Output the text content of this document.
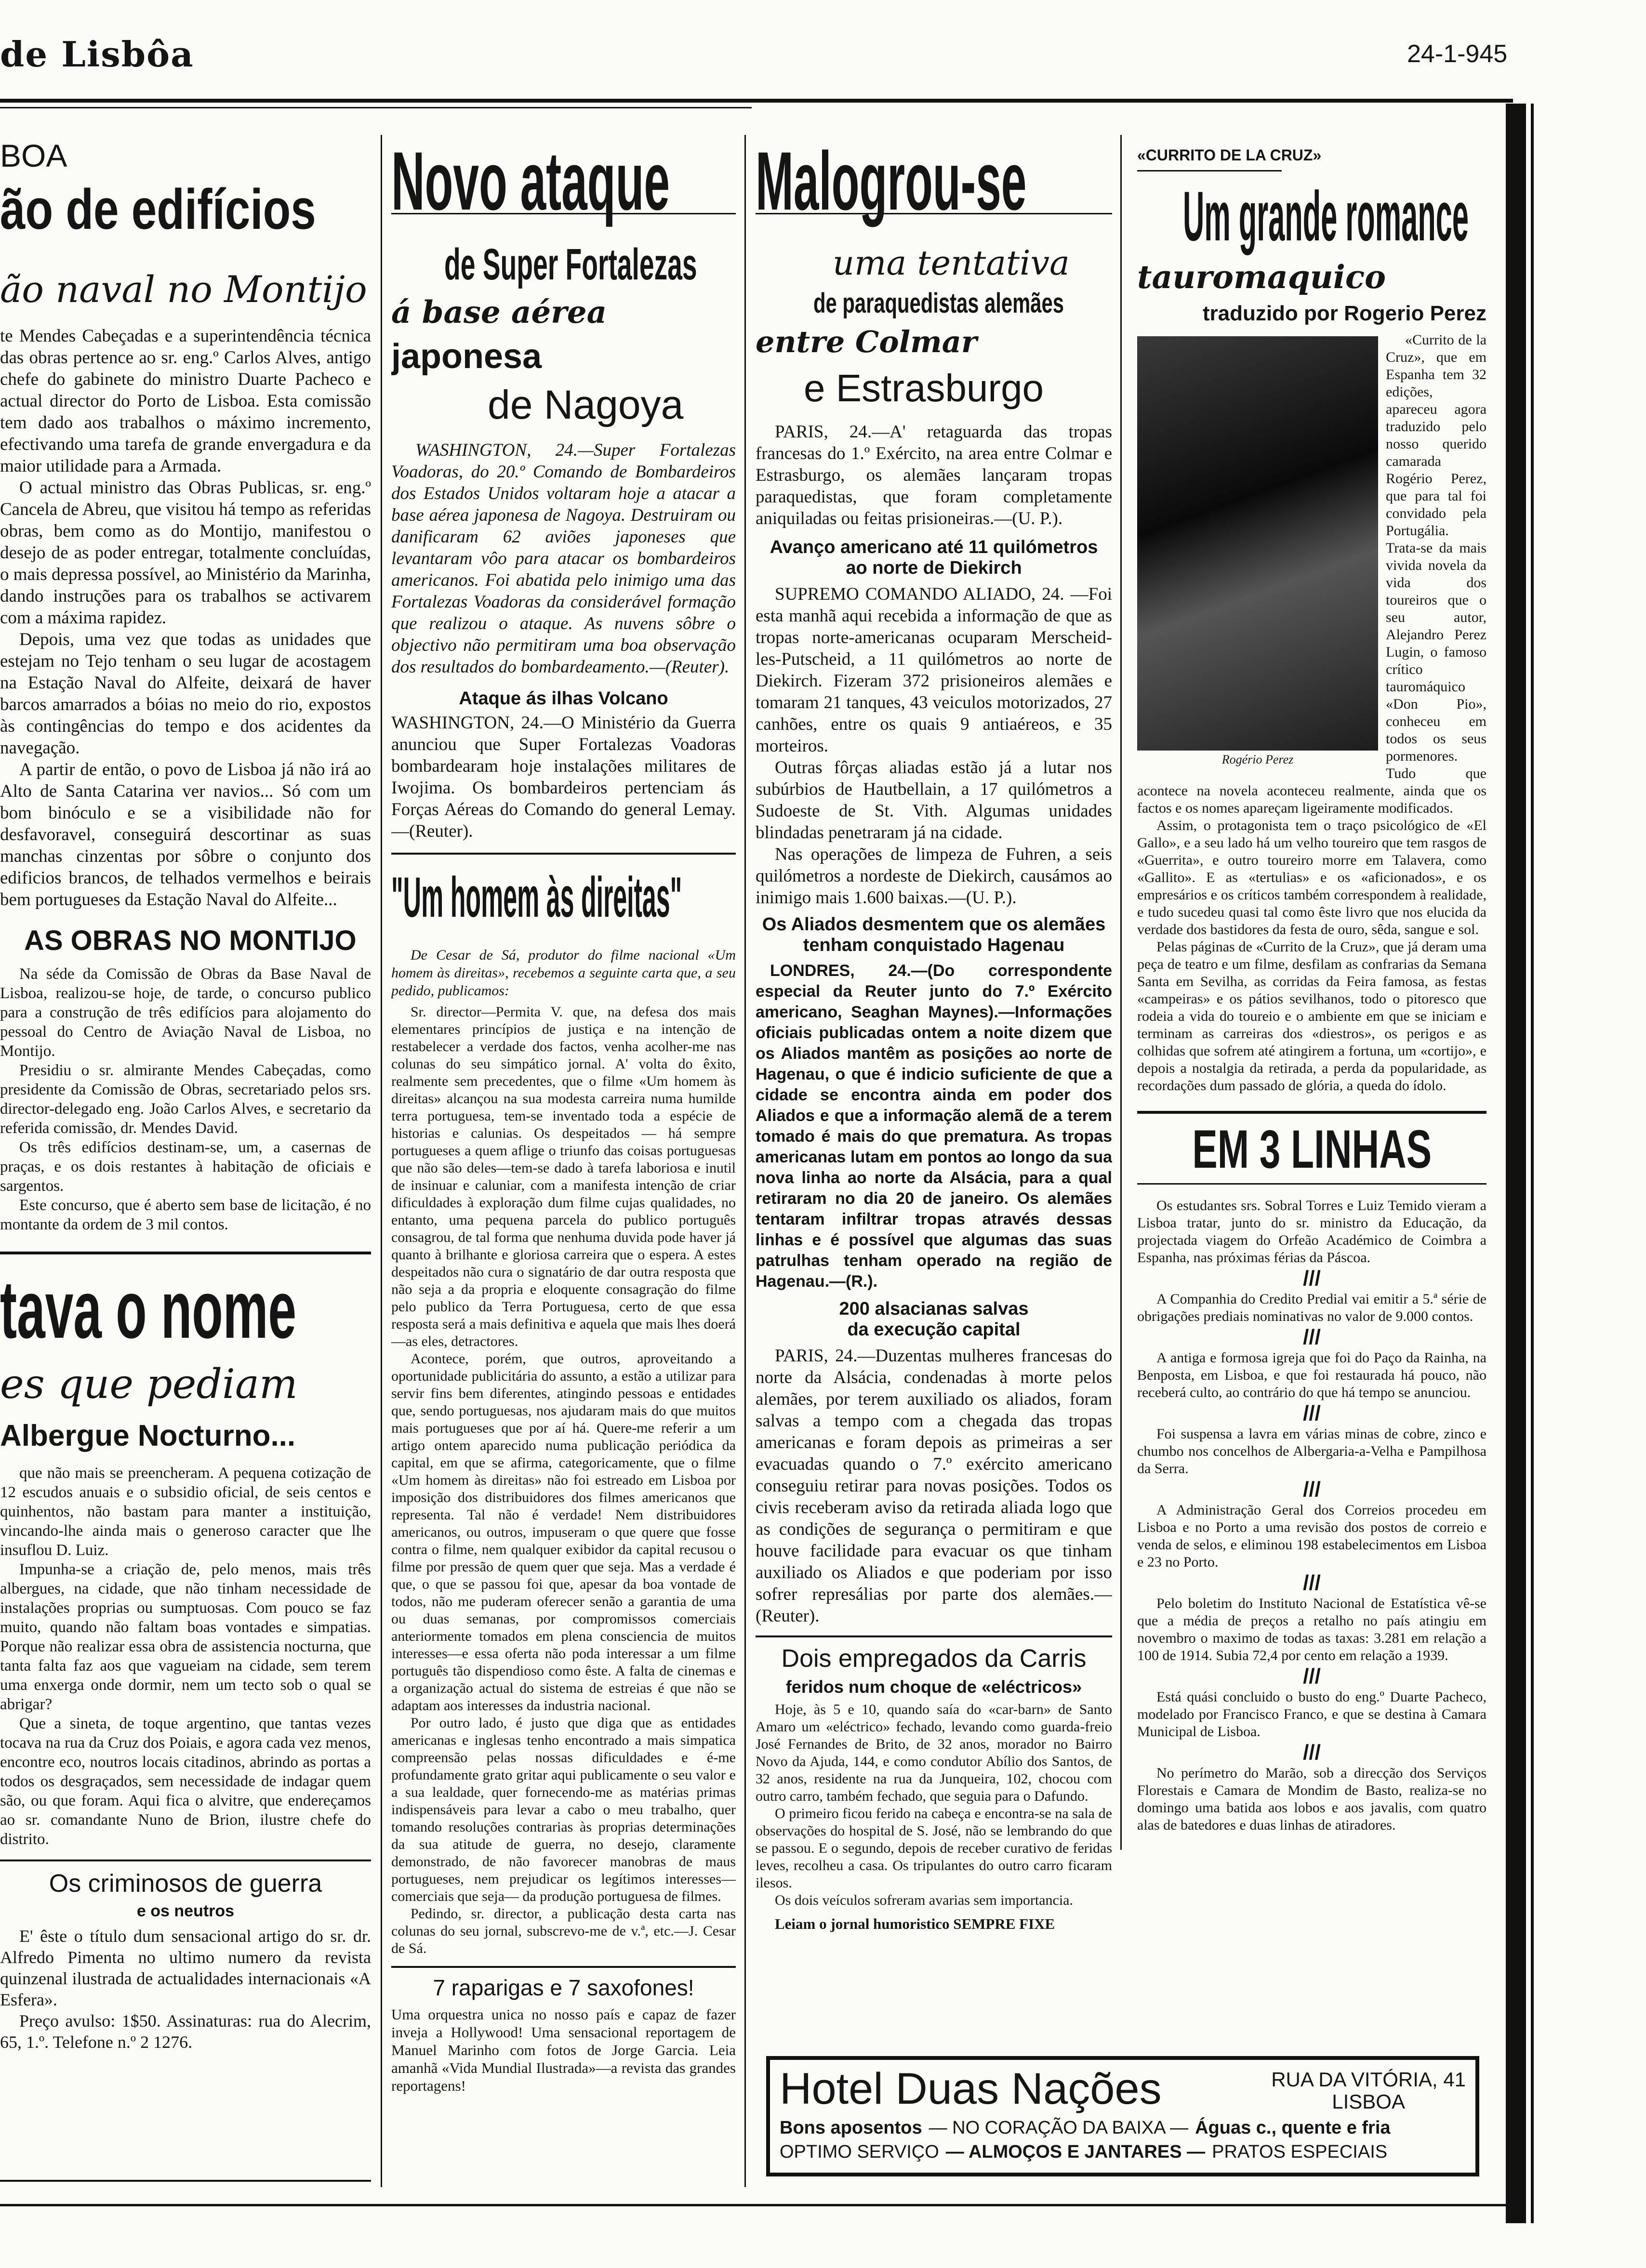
de Lisbôa	24-1-945
BOA
ão de edifícios
ão naval no Montijo

te Mendes Cabeçadas e a superintendência técnica das obras pertence ao sr. eng.º Carlos Alves, antigo chefe do gabinete do ministro Duarte Pacheco e actual director do Porto de Lisboa. Esta comissão tem dado aos trabalhos o máximo incremento, efectivando uma tarefa de grande envergadura e da maior utilidade para a Armada.

O actual ministro das Obras Publicas, sr. eng.º Cancela de Abreu, que visitou há tempo as referidas obras, bem como as do Montijo, manifestou o desejo de as poder entregar, totalmente concluídas, o mais depressa possível, ao Ministério da Marinha, dando instruções para os trabalhos se activarem com a máxima rapidez.

Depois, uma vez que todas as unidades que estejam no Tejo tenham o seu lugar de acostagem na Estação Naval do Alfeite, deixará de haver barcos amarrados a bóias no meio do rio, expostos às contingências do tempo e dos acidentes da navegação.

A partir de então, o povo de Lisboa já não irá ao Alto de Santa Catarina ver navios... Só com um bom binóculo e se a visibilidade não for desfavoravel, conseguirá descortinar as suas manchas cinzentas por sôbre o conjunto dos edificios brancos, de telhados vermelhos e beirais bem portugueses da Estação Naval do Alfeite...

AS OBRAS NO MONTIJO

Na séde da Comissão de Obras da Base Naval de Lisboa, realizou-se hoje, de tarde, o concurso publico para a construção de três edifícios para alojamento do pessoal do Centro de Aviação Naval de Lisboa, no Montijo.

Presidiu o sr. almirante Mendes Cabeçadas, como presidente da Comissão de Obras, secretariado pelos srs. director-delegado eng. João Carlos Alves, e secretario da referida comissão, dr. Mendes David.

Os três edifícios destinam-se, um, a casernas de praças, e os dois restantes à habitação de oficiais e sargentos.

Este concurso, que é aberto sem base de licitação, é no montante da ordem de 3 mil contos.

tava o nome
es que pediam
Albergue Nocturno...

que não mais se preencheram. A pequena cotização de 12 escudos anuais e o subsidio oficial, de seis centos e quinhentos, não bastam para manter a instituição, vincando-lhe ainda mais o generoso caracter que lhe insuflou D. Luiz.

Impunha-se a criação de, pelo menos, mais três albergues, na cidade, que não tinham necessidade de instalações proprias ou sumptuosas. Com pouco se faz muito, quando não faltam boas vontades e simpatias. Porque não realizar essa obra de assistencia nocturna, que tanta falta faz aos que vagueiam na cidade, sem terem uma enxerga onde dormir, nem um tecto sob o qual se abrigar?

Que a sineta, de toque argentino, que tantas vezes tocava na rua da Cruz dos Poiais, e agora cada vez menos, encontre eco, noutros locais citadinos, abrindo as portas a todos os desgraçados, sem necessidade de indagar quem são, ou que foram. Aqui fica o alvitre, que endereçamos ao sr. comandante Nuno de Brion, ilustre chefe do distrito.

Os criminosos de guerra
e os neutros

E' êste o título dum sensacional artigo do sr. dr. Alfredo Pimenta no ultimo numero da revista quinzenal ilustrada de actualidades internacionais «A Esfera».

Preço avulso: 1$50. Assinaturas: rua do Alecrim, 65, 1.º. Telefone n.º 2 1276.

Novo ataque
de Super Fortalezas
á base aérea
japonesa
de Nagoya
WASHINGTON, 24.—Super Fortalezas Voadoras, do 20.º Comando de Bombardeiros dos Estados Unidos voltaram hoje a atacar a base aérea japonesa de Nagoya. Destruiram ou danificaram 62 aviões japoneses que levantaram vôo para atacar os bombardeiros americanos. Foi abatida pelo inimigo uma das Fortalezas Voadoras da considerável formação que realizou o ataque. As nuvens sôbre o objectivo não permitiram uma boa observação dos resultados do bombardeamento.—(Reuter).
Ataque ás ilhas Volcano
WASHINGTON, 24.—O Ministério da Guerra anunciou que Super Fortalezas Voadoras bombardearam hoje instalações militares de Iwojima. Os bombardeiros pertenciam ás Forças Aéreas do Comando do general Lemay.—(Reuter).
"Um homem às direitas"
De Cesar de Sá, produtor do filme nacional «Um homem às direitas», recebemos a seguinte carta que, a seu pedido, publicamos:

Sr. director—Permita V. que, na defesa dos mais elementares princípios de justiça e na intenção de restabelecer a verdade dos factos, venha acolher-me nas colunas do seu simpático jornal. A' volta do êxito, realmente sem precedentes, que o filme «Um homem às direitas» alcançou na sua modesta carreira numa humilde terra portuguesa, tem-se inventado toda a espécie de historias e calunias. Os despeitados — há sempre portugueses a quem aflige o triunfo das coisas portuguesas que não são deles—tem-se dado à tarefa laboriosa e inutil de insinuar e caluniar, com a manifesta intenção de criar dificuldades à exploração dum filme cujas qualidades, no entanto, uma pequena parcela do publico português consagrou, de tal forma que nenhuma duvida pode haver já quanto à brilhante e gloriosa carreira que o espera. A estes despeitados não cura o signatário de dar outra resposta que não seja a da propria e eloquente consagração do filme pelo publico da Terra Portuguesa, certo de que essa resposta será a mais definitiva e aquela que mais lhes doerá—as eles, detractores.

Acontece, porém, que outros, aproveitando a oportunidade publicitária do assunto, a estão a utilizar para servir fins bem diferentes, atingindo pessoas e entidades que, sendo portuguesas, nos ajudaram mais do que muitos mais portugueses que por aí há. Quere-me referir a um artigo ontem aparecido numa publicação periódica da capital, em que se afirma, categoricamente, que o filme «Um homem às direitas» não foi estreado em Lisboa por imposição dos distribuidores dos filmes americanos que representa. Tal não é verdade! Nem distribuidores americanos, ou outros, impuseram o que quere que fosse contra o filme, nem qualquer exibidor da capital recusou o filme por pressão de quem quer que seja. Mas a verdade é que, o que se passou foi que, apesar da boa vontade de todos, não me puderam oferecer senão a garantia de uma ou duas semanas, por compromissos comerciais anteriormente tomados em plena consciencia de muitos interesses—e essa oferta não poda interessar a um filme português tão dispendioso como êste. A falta de cinemas e a organização actual do sistema de estreias é que não se adaptam aos interesses da industria nacional.

Por outro lado, é justo que diga que as entidades americanas e inglesas tenho encontrado a mais simpatica compreensão pelas nossas dificuldades e é-me profundamente grato gritar aqui publicamente o seu valor e a sua lealdade, quer fornecendo-me as matérias primas indispensáveis para levar a cabo o meu trabalho, quer tomando resoluções contrarias às proprias determinações da sua atitude de guerra, no desejo, claramente demonstrado, de não favorecer manobras de maus portugueses, nem prejudicar os legítimos interesses—comerciais que seja— da produção portuguesa de filmes.

Pedindo, sr. director, a publicação desta carta nas colunas do seu jornal, subscrevo-me de v.ª, etc.—J. Cesar de Sá.

7 raparigas e 7 saxofones!
Uma orquestra unica no nosso país e capaz de fazer inveja a Hollywood! Uma sensacional reportagem de Manuel Marinho com fotos de Jorge Garcia. Leia amanhã «Vida Mundial Ilustrada»—a revista das grandes reportagens!
Malogrou-se
uma tentativa
de paraquedistas alemães
entre Colmar
e Estrasburgo
PARIS, 24.—A' retaguarda das tropas francesas do 1.º Exército, na area entre Colmar e Estrasburgo, os alemães lançaram tropas paraquedistas, que foram completamente aniquiladas ou feitas prisioneiras.—(U. P.).
Avanço americano até 11 quilómetros ao norte de Diekirch

SUPREMO COMANDO ALIADO, 24. —Foi esta manhã aqui recebida a informação de que as tropas norte-americanas ocuparam Merscheid-les-Putscheid, a 11 quilómetros ao norte de Diekirch. Fizeram 372 prisioneiros alemães e tomaram 21 tanques, 43 veiculos motorizados, 27 canhões, entre os quais 9 antiaéreos, e 35 morteiros.

Outras fôrças aliadas estão já a lutar nos subúrbios de Hautbellain, a 17 quilómetros a Sudoeste de St. Vith. Algumas unidades blindadas penetraram já na cidade.

Nas operações de limpeza de Fuhren, a seis quilómetros a nordeste de Diekirch, causámos ao inimigo mais 1.600 baixas.—(U. P.).

Os Aliados desmentem que os alemães tenham conquistado Hagenau
LONDRES, 24.—(Do correspondente especial da Reuter junto do 7.º Exército americano, Seaghan Maynes).—Informações oficiais publicadas ontem a noite dizem que os Aliados mantêm as posições ao norte de Hagenau, o que é indicio suficiente de que a cidade se encontra ainda em poder dos Aliados e que a informação alemã de a terem tomado é mais do que prematura. As tropas americanas lutam em pontos ao longo da sua nova linha ao norte da Alsácia, para a qual retiraram no dia 20 de janeiro. Os alemães tentaram infiltrar tropas através dessas linhas e é possível que algumas das suas patrulhas tenham operado na região de Hagenau.—(R.).
200 alsacianas salvas
da execução capital
PARIS, 24.—Duzentas mulheres francesas do norte da Alsácia, condenadas à morte pelos alemães, por terem auxiliado os aliados, foram salvas a tempo com a chegada das tropas americanas e foram depois as primeiras a ser evacuadas quando o 7.º exército americano conseguiu retirar para novas posições. Todos os civis receberam aviso da retirada aliada logo que as condições de segurança o permitiram e que houve facilidade para evacuar os que tinham auxiliado os Aliados e que poderiam por isso sofrer represálias por parte dos alemães.—(Reuter).
Dois empregados da Carris
feridos num choque de «eléctricos»

Hoje, às 5 e 10, quando saía do «car-barn» de Santo Amaro um «eléctrico» fechado, levando como guarda-freio José Fernandes de Brito, de 32 anos, morador no Bairro Novo da Ajuda, 144, e como condutor Abílio dos Santos, de 32 anos, residente na rua da Junqueira, 102, chocou com outro carro, também fechado, que seguia para o Dafundo.

O primeiro ficou ferido na cabeça e encontra-se na sala de observações do hospital de S. José, não se lembrando do que se passou. E o segundo, depois de receber curativo de feridas leves, recolheu a casa. Os tripulantes do outro carro ficaram ilesos.

Os dois veículos sofreram avarias sem importancia.

Leiam o jornal humoristico SEMPRE FIXE
«CURRITO DE LA CRUZ»
Um grande romance
tauromaquico
traduzido por Rogerio Perez
Rogério Perez

«Currito de la Cruz», que em Espanha tem 32 edições, apareceu agora traduzido pelo nosso querido camarada Rogério Perez, que para tal foi convidado pela Portugália. Trata-se da mais vivida novela da vida dos toureiros que o seu autor, Alejandro Perez Lugin, o famoso crítico tauromáquico «Don Pio», conheceu em todos os seus pormenores. Tudo que acontece na novela aconteceu realmente, ainda que os factos e os nomes apareçam ligeiramente modificados.

Assim, o protagonista tem o traço psicológico de «El Gallo», e a seu lado há um velho toureiro que tem rasgos de «Guerrita», e outro toureiro morre em Talavera, como «Gallito». E as «tertulias» e os «aficionados», e os empresários e os críticos também correspondem à realidade, e tudo sucedeu quasi tal como êste livro que nos elucida da verdade dos bastidores da festa de ouro, sêda, sangue e sol.

Pelas páginas de «Currito de la Cruz», que já deram uma peça de teatro e um filme, desfilam as confrarias da Semana Santa em Sevilha, as corridas da Feira famosa, as festas «campeiras» e os pátios sevilhanos, todo o pitoresco que rodeia a vida do toureio e o ambiente em que se iniciam e terminam as carreiras dos «diestros», os perigos e as colhidas que sofrem até atingirem a fortuna, um «cortijo», e depois a nostalgia da retirada, a perda da popularidade, as recordações dum passado de glória, a queda do ídolo.

EM 3 LINHAS
Os estudantes srs. Sobral Torres e Luiz Temido vieram a Lisboa tratar, junto do sr. ministro da Educação, da projectada viagem do Orfeão Académico de Coimbra a Espanha, nas próximas férias da Páscoa.
///
A Companhia do Credito Predial vai emitir a 5.ª série de obrigações prediais nominativas no valor de 9.000 contos.
///
A antiga e formosa igreja que foi do Paço da Rainha, na Benposta, em Lisboa, e que foi restaurada há pouco, não receberá culto, ao contrário do que há tempo se anunciou.
///
Foi suspensa a lavra em várias minas de cobre, zinco e chumbo nos concelhos de Albergaria-a-Velha e Pampilhosa da Serra.
///
A Administração Geral dos Correios procedeu em Lisboa e no Porto a uma revisão dos postos de correio e venda de selos, e eliminou 198 estabelecimentos em Lisboa e 23 no Porto.
///
Pelo boletim do Instituto Nacional de Estatística vê-se que a média de preços a retalho no país atingiu em novembro o maximo de todas as taxas: 3.281 em relação a 100 de 1914. Subia 72,4 por cento em relação a 1939.
///
Está quási concluido o busto do eng.º Duarte Pacheco, modelado por Francisco Franco, e que se destina à Camara Municipal de Lisboa.
///
No perímetro do Marão, sob a direcção dos Serviços Florestais e Camara de Mondim de Basto, realiza-se no domingo uma batida aos lobos e aos javalis, com quatro alas de batedores e duas linhas de atiradores.
Hotel Duas Nações	RUA DA VITÓRIA, 41
LISBOA
Bons aposentos — NO CORAÇÃO DA BAIXA — Águas c., quente e fria
OPTIMO SERVIÇO — ALMOÇOS E JANTARES — PRATOS ESPECIAIS
